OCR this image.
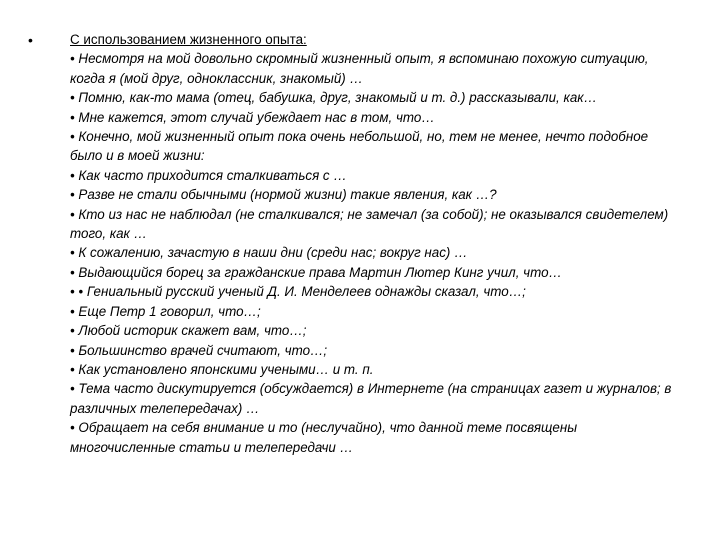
•	С использованием жизненного опыта:
• Несмотря на мой довольно скромный жизненный опыт, я вспоминаю похожую ситуацию, когда я (мой друг, одноклассник, знакомый) …
• Помню, как-то мама (отец, бабушка, друг, знакомый и т. д.) рассказывали, как…
• Мне кажется, этот случай убеждает нас в том, что…
• Конечно, мой жизненный опыт пока очень небольшой, но, тем не менее, нечто подобное было и в моей жизни:
• Как часто приходится сталкиваться с …
• Разве не стали обычными (нормой жизни) такие явления, как …?
• Кто из нас не наблюдал (не сталкивался; не замечал (за собой); не оказывался свидетелем) того, как …
• К сожалению, зачастую в наши дни (среди нас; вокруг нас) …
• Выдающийся борец за гражданские права Мартин Лютер Кинг учил, что…
• • Гениальный русский ученый Д. И. Менделеев однажды сказал, что…;
• Еще Петр 1 говорил, что…;
• Любой историк скажет вам, что…;
• Большинство врачей считают, что…;
• Как установлено японскими учеными… и т. п.
• Тема часто дискутируется (обсуждается) в Интернете (на страницах газет и журналов; в различных телепередачах) …
• Обращает на себя внимание и то (неслучайно), что данной теме посвящены многочисленные статьи и телепередачи …
